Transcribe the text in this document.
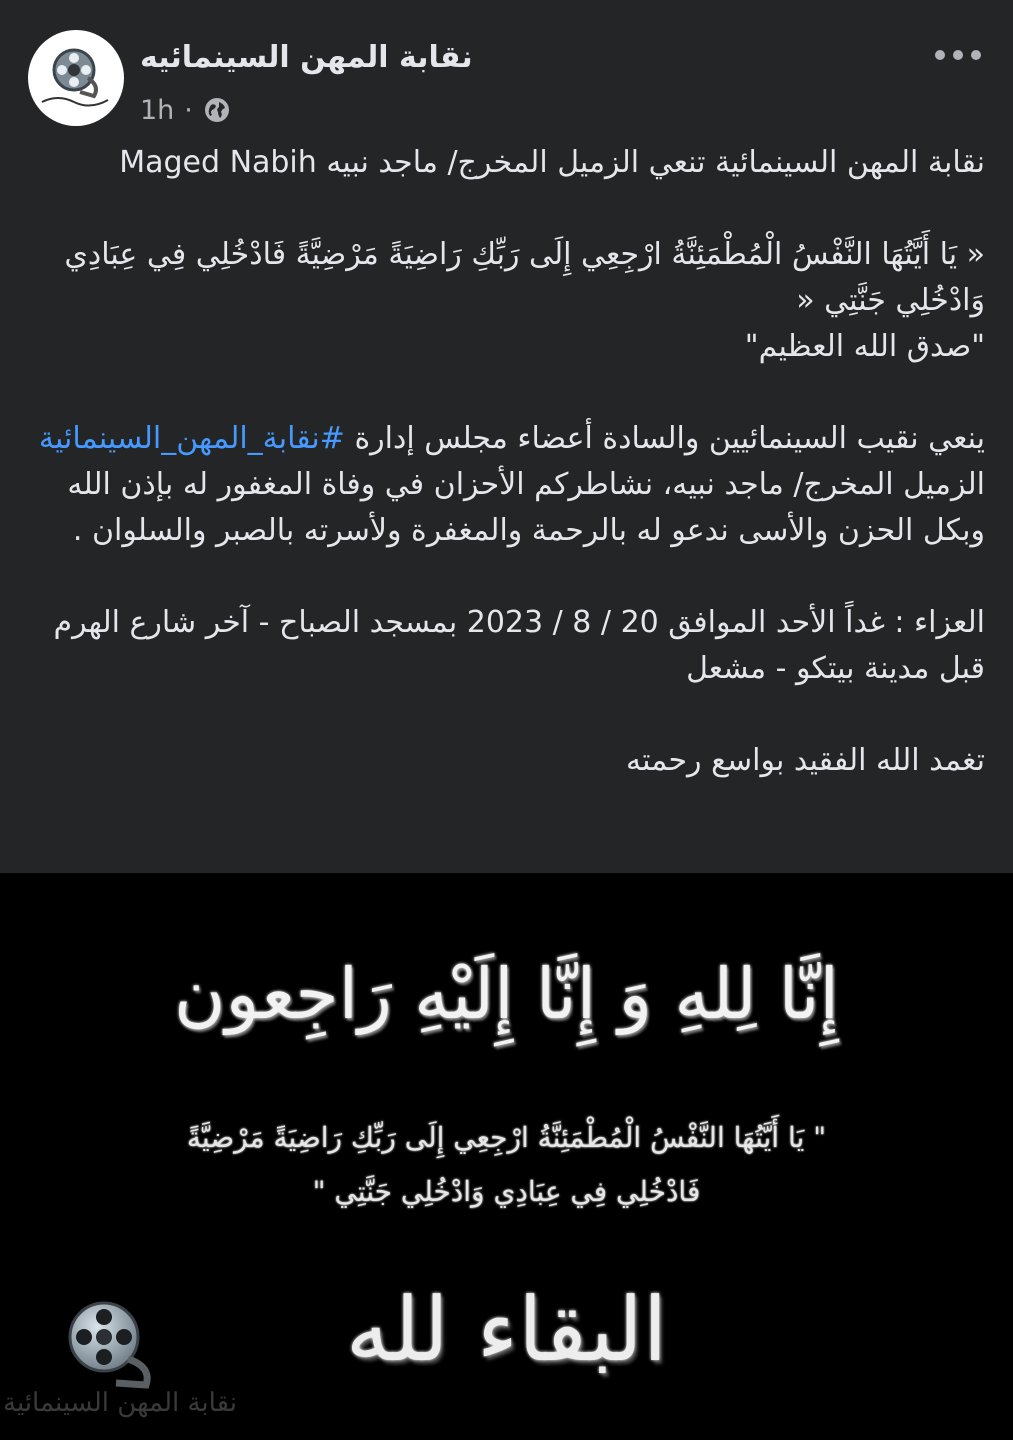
نقابة المهن السينمائيه
1h ·

نقابة المهن السينمائية تنعي الزميل المخرج/ ماجد نبيه Maged Nabih

« يَا أَيَّتُهَا النَّفْسُ الْمُطْمَئِنَّةُ ارْجِعِي إِلَى رَبِّكِ رَاضِيَةً مَرْضِيَّةً فَادْخُلِي فِي عِبَادِي وَادْخُلِي جَنَّتِي «

"صدق الله العظيم"

ينعي نقيب السينمائيين والسادة أعضاء مجلس إدارة #نقابة_المهن_السينمائية الزميل المخرج/ ماجد نبيه، نشاطركم الأحزان في وفاة المغفور له بإذن الله وبكل الحزن والأسى ندعو له بالرحمة والمغفرة ولأسرته بالصبر والسلوان .

العزاء : غداً الأحد الموافق 20 / 8 / 2023 بمسجد الصباح - آخر شارع الهرم قبل مدينة بيتكو - مشعل

تغمد الله الفقيد بواسع رحمته

إِنَّا لِلهِ وَ إِنَّا إِلَيْهِ رَاجِعون
" يَا أَيَّتُهَا النَّفْسُ الْمُطْمَئِنَّةُ ارْجِعِي إِلَى رَبِّكِ رَاضِيَةً مَرْضِيَّةً
فَادْخُلِي فِي عِبَادِي وَادْخُلِي جَنَّتِي "
البقاء لله
نقابة المهن السينمائية
